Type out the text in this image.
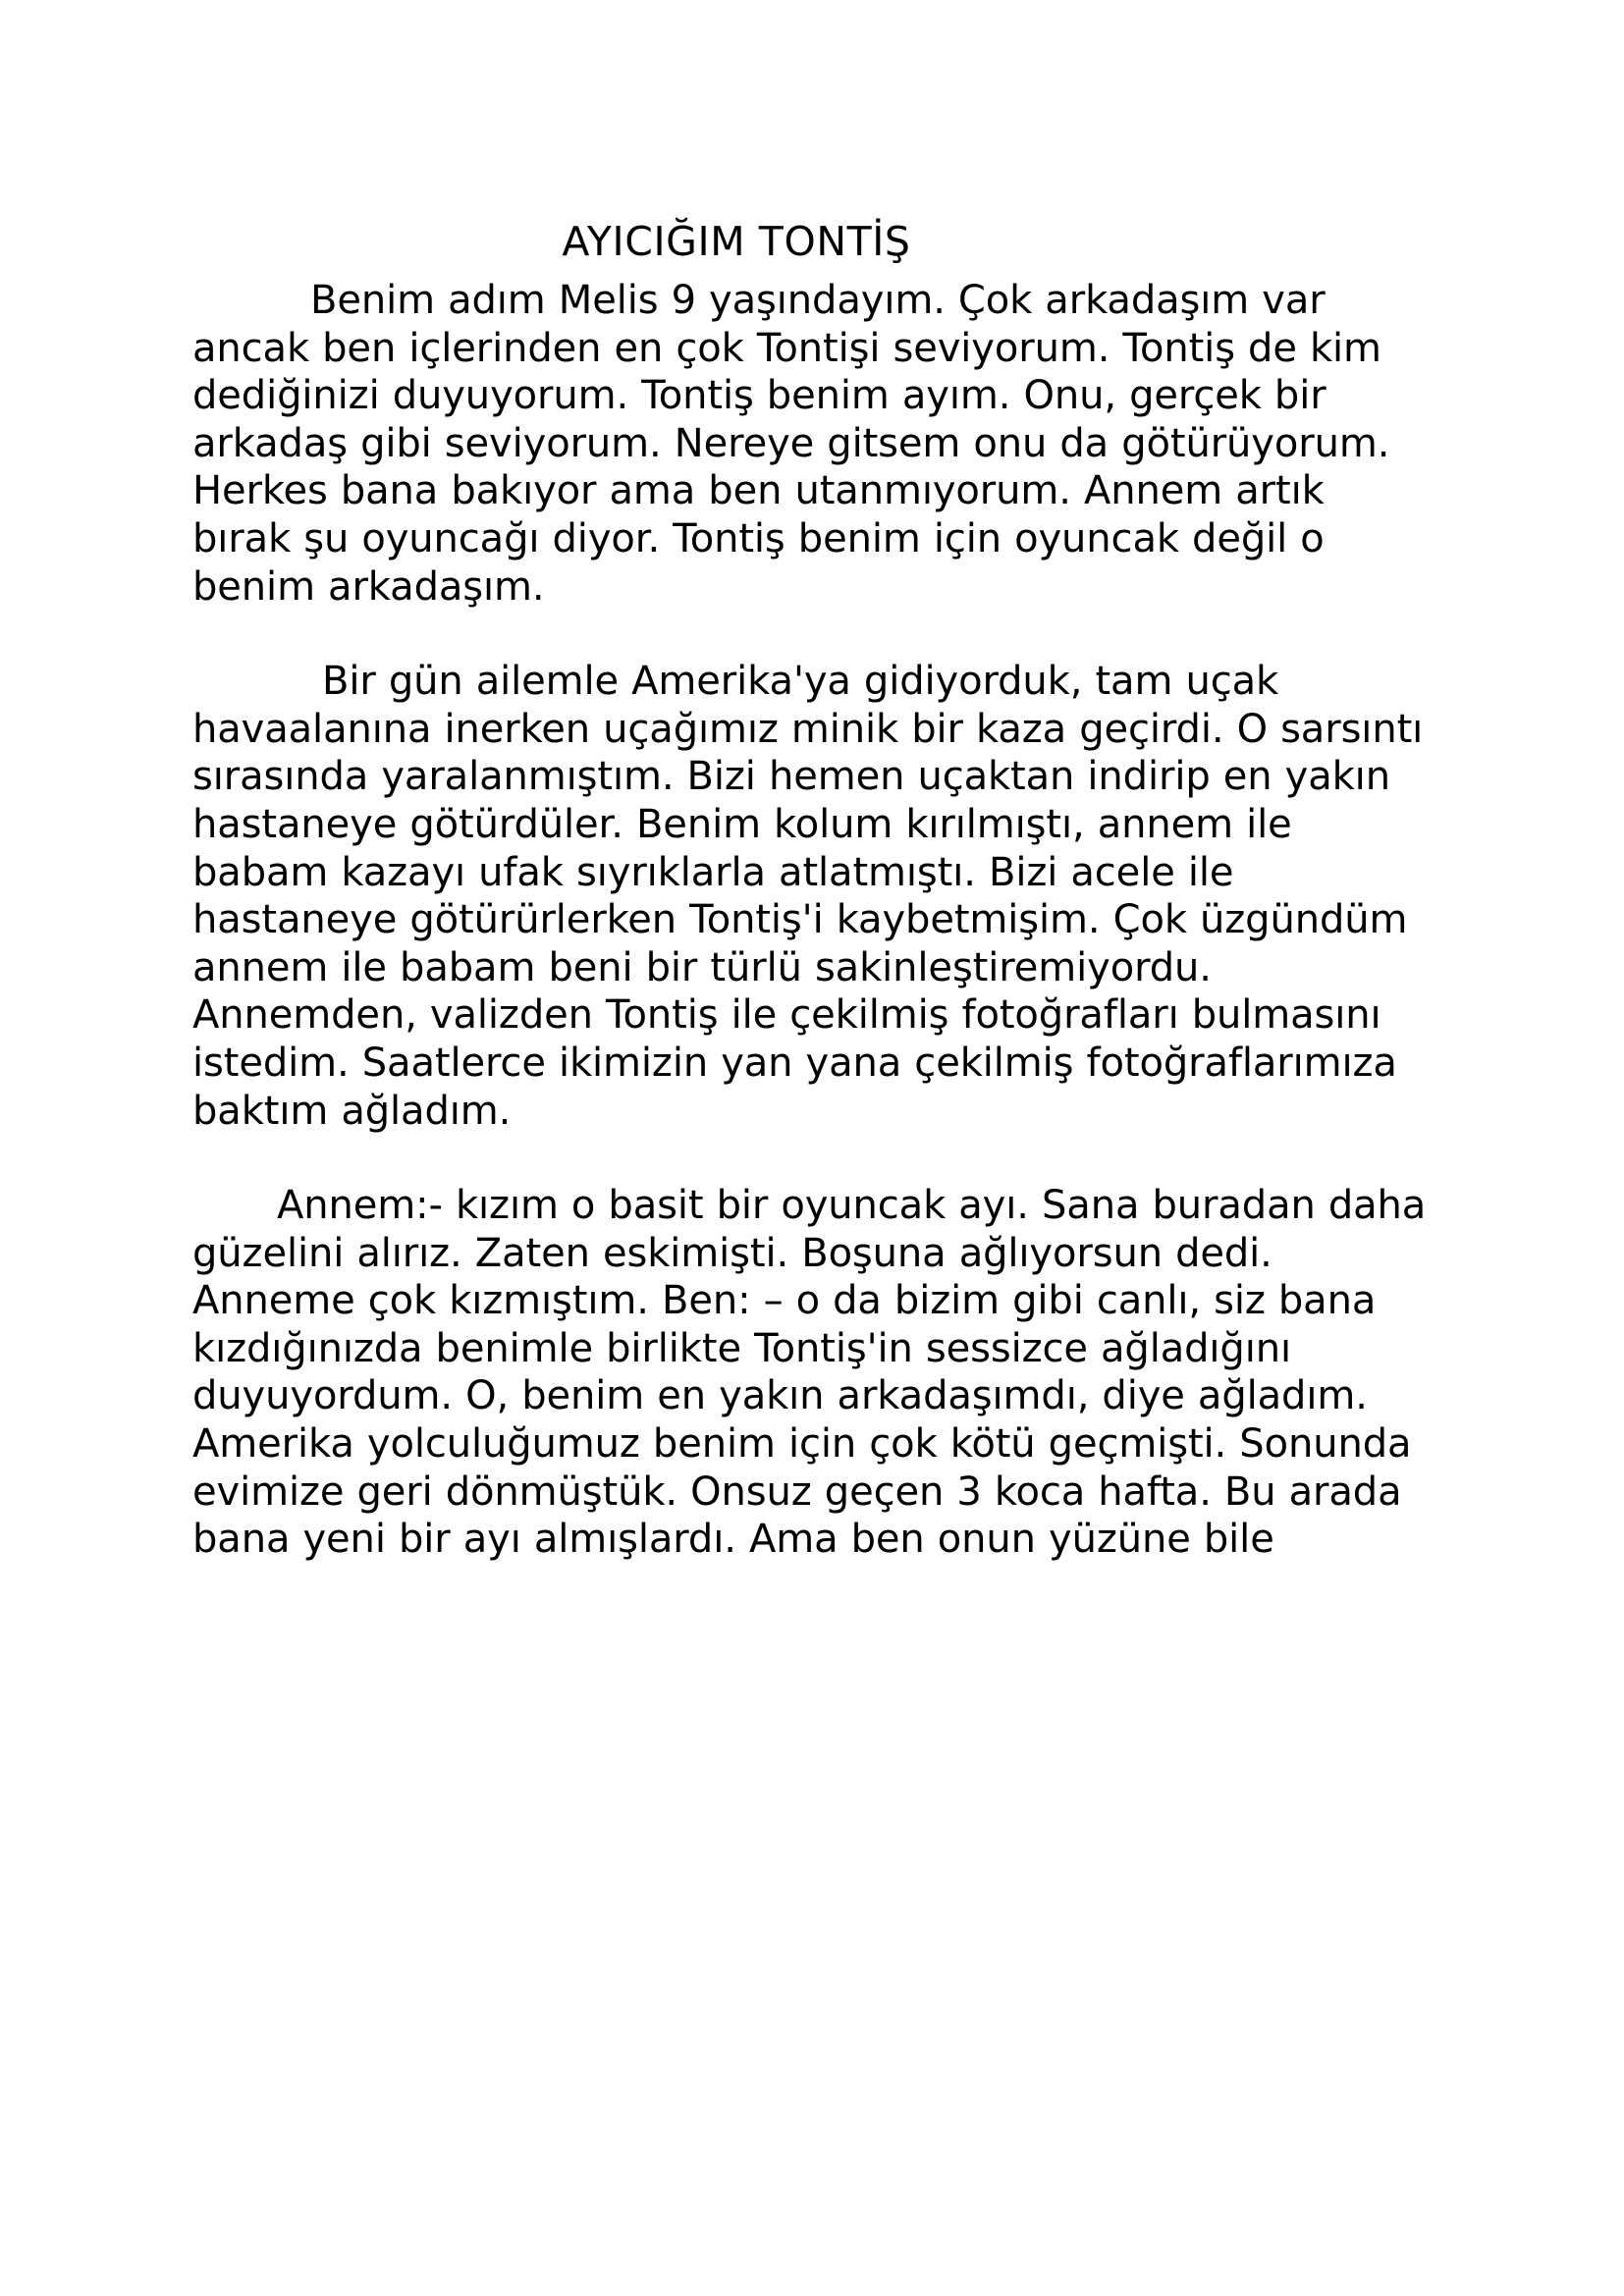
AYICIĞIM TONTİŞ

Benim adım Melis 9 yaşındayım. Çok arkadaşım var ancak ben içlerinden en çok Tontişi seviyorum. Tontiş de kim dediğinizi duyuyorum. Tontiş benim ayım. Onu, gerçek bir arkadaş gibi seviyorum. Nereye gitsem onu da götürüyorum. Herkes bana bakıyor ama ben utanmıyorum. Annem artık bırak şu oyuncağı diyor. Tontiş benim için oyuncak değil o benim arkadaşım.

Bir gün ailemle Amerika'ya gidiyorduk, tam uçak havaalanına inerken uçağımız minik bir kaza geçirdi. O sarsıntı sırasında yaralanmıştım. Bizi hemen uçaktan indirip en yakın hastaneye götürdüler. Benim kolum kırılmıştı, annem ile babam kazayı ufak sıyrıklarla atlatmıştı. Bizi acele ile hastaneye götürürlerken Tontiş'i kaybetmişim. Çok üzgündüm annem ile babam beni bir türlü sakinleştiremiyordu. Annemden, valizden Tontiş ile çekilmiş fotoğrafları bulmasını istedim. Saatlerce ikimizin yan yana çekilmiş fotoğraflarımıza baktım ağladım.

Annem:- kızım o basit bir oyuncak ayı. Sana buradan daha güzelini alırız. Zaten eskimişti. Boşuna ağlıyorsun dedi. Anneme çok kızmıştım. Ben: – o da bizim gibi canlı, siz bana kızdığınızda benimle birlikte Tontiş'in sessizce ağladığını duyuyordum. O, benim en yakın arkadaşımdı, diye ağladım. Amerika yolculuğumuz benim için çok kötü geçmişti. Sonunda evimize geri dönmüştük. Onsuz geçen 3 koca hafta. Bu arada bana yeni bir ayı almışlardı. Ama ben onun yüzüne bile
